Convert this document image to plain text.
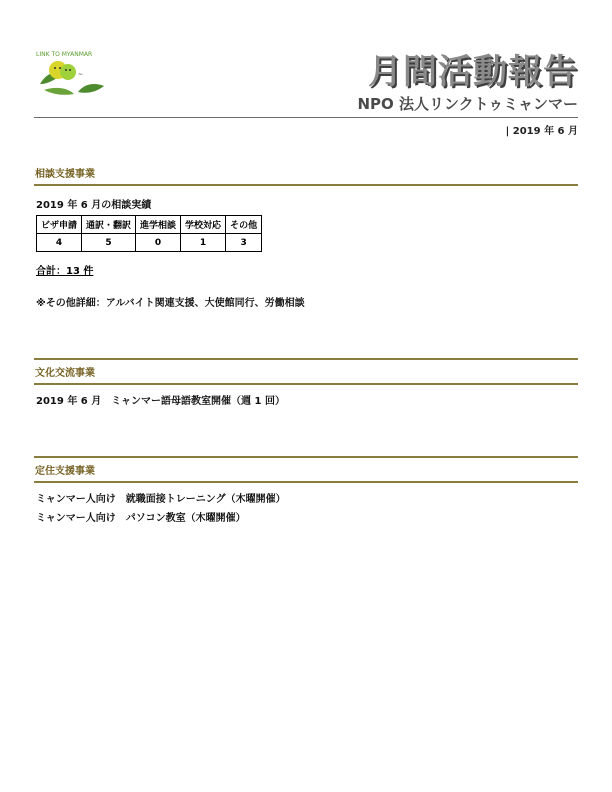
LINK TO MYANMAR
~	月間活動報告
NPO 法人リンクトゥミャンマー
| 2019 年 6 月
相談支援事業
2019 年 6 月の相談実績
ビザ申請	通訳・翻訳	進学相談	学校対応	その他
4	5	0	1	3
合計：13 件
※その他詳細：アルバイト関連支援、大使館同行、労働相談
文化交流事業
2019 年 6 月　ミャンマー語母語教室開催（週 1 回）
定住支援事業
ミャンマー人向け　就職面接トレーニング（木曜開催）
ミャンマー人向け　パソコン教室（木曜開催）
